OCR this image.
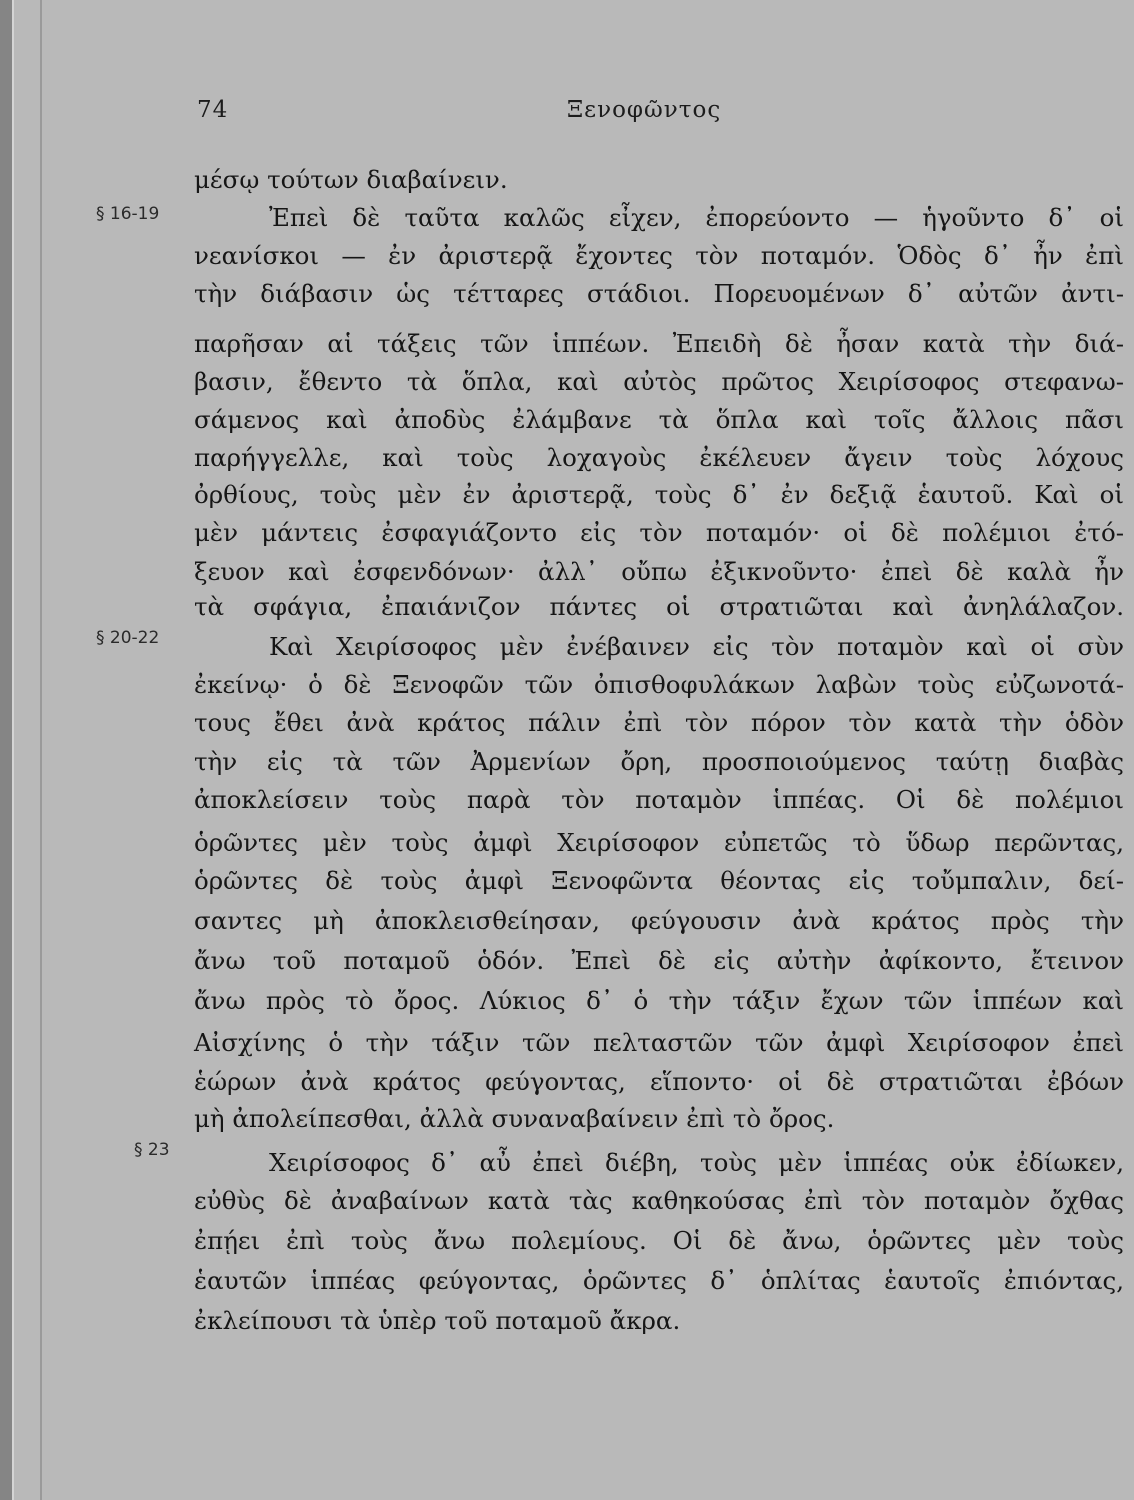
74	Ξενοφῶντος
§ 16-19
§ 20-22
§ 23
μέσῳ τούτων διαβαίνειν.
Ἐπεὶ δὲ ταῦτα καλῶς εἶχεν, ἐπορεύοντο — ἡγοῦντο δ᾽ οἱ
νεανίσκοι — ἐν ἀριστερᾷ ἔχοντες τὸν ποταμόν. Ὁδὸς δ᾽ ἦν ἐπὶ
τὴν διάβασιν ὡς τέτταρες στάδιοι. Πορευομένων δ᾽ αὐτῶν ἀντι-
παρῆσαν αἱ τάξεις τῶν ἱππέων. Ἐπειδὴ δὲ ἦσαν κατὰ τὴν διά-
βασιν, ἔθεντο τὰ ὅπλα, καὶ αὐτὸς πρῶτος Χειρίσοφος στεφανω-
σάμενος καὶ ἀποδὺς ἐλάμβανε τὰ ὅπλα καὶ τοῖς ἄλλοις πᾶσι
παρήγγελλε, καὶ τοὺς λοχαγοὺς ἐκέλευεν ἄγειν τοὺς λόχους
ὀρθίους, τοὺς μὲν ἐν ἀριστερᾷ, τοὺς δ᾽ ἐν δεξιᾷ ἑαυτοῦ. Καὶ οἱ
μὲν μάντεις ἐσφαγιάζοντο εἰς τὸν ποταμόν· οἱ δὲ πολέμιοι ἐτό-
ξευον καὶ ἐσφενδόνων· ἀλλ᾽ οὔπω ἐξικνοῦντο· ἐπεὶ δὲ καλὰ ἦν
τὰ σφάγια, ἐπαιάνιζον πάντες οἱ στρατιῶται καὶ ἀνηλάλαζον.
Καὶ Χειρίσοφος μὲν ἐνέβαινεν εἰς τὸν ποταμὸν καὶ οἱ σὺν
ἐκείνῳ· ὁ δὲ Ξενοφῶν τῶν ὀπισθοφυλάκων λαβὼν τοὺς εὐζωνοτά-
τους ἔθει ἀνὰ κράτος πάλιν ἐπὶ τὸν πόρον τὸν κατὰ τὴν ὁδὸν
τὴν εἰς τὰ τῶν Ἀρμενίων ὄρη, προσποιούμενος ταύτῃ διαβὰς
ἀποκλείσειν τοὺς παρὰ τὸν ποταμὸν ἱππέας. Οἱ δὲ πολέμιοι
ὁρῶντες μὲν τοὺς ἀμφὶ Χειρίσοφον εὐπετῶς τὸ ὕδωρ περῶντας,
ὁρῶντες δὲ τοὺς ἀμφὶ Ξενοφῶντα θέοντας εἰς τοὔμπαλιν, δεί-
σαντες μὴ ἀποκλεισθείησαν, φεύγουσιν ἀνὰ κράτος πρὸς τὴν
ἄνω τοῦ ποταμοῦ ὁδόν. Ἐπεὶ δὲ εἰς αὐτὴν ἀφίκοντο, ἔτεινον
ἄνω πρὸς τὸ ὄρος. Λύκιος δ᾽ ὁ τὴν τάξιν ἔχων τῶν ἱππέων καὶ
Αἰσχίνης ὁ τὴν τάξιν τῶν πελταστῶν τῶν ἀμφὶ Χειρίσοφον ἐπεὶ
ἑώρων ἀνὰ κράτος φεύγοντας, εἵποντο· οἱ δὲ στρατιῶται ἐβόων
μὴ ἀπολείπεσθαι, ἀλλὰ συναναβαίνειν ἐπὶ τὸ ὄρος.
Χειρίσοφος δ᾽ αὖ ἐπεὶ διέβη, τοὺς μὲν ἱππέας οὐκ ἐδίωκεν,
εὐθὺς δὲ ἀναβαίνων κατὰ τὰς καθηκούσας ἐπὶ τὸν ποταμὸν ὄχθας
ἐπῄει ἐπὶ τοὺς ἄνω πολεμίους. Οἱ δὲ ἄνω, ὁρῶντες μὲν τοὺς
ἑαυτῶν ἱππέας φεύγοντας, ὁρῶντες δ᾽ ὁπλίτας ἑαυτοῖς ἐπιόντας,
ἐκλείπουσι τὰ ὑπὲρ τοῦ ποταμοῦ ἄκρα.
